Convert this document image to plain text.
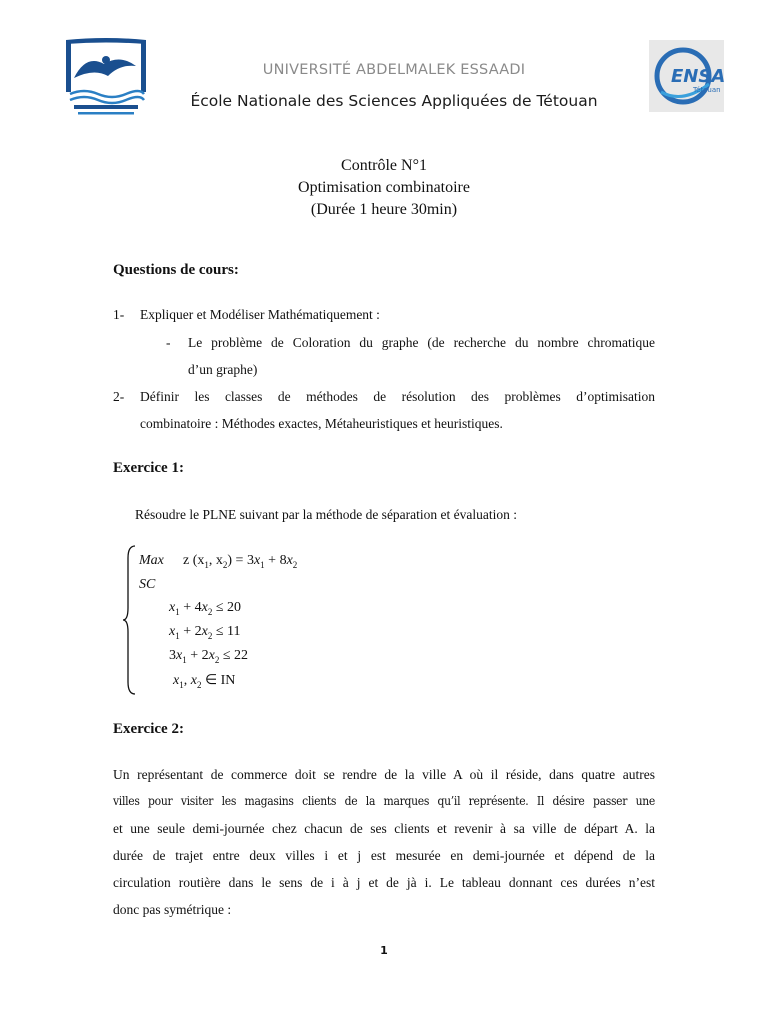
UNIVERSITÉ ABDELMALEK ESSAADI
École Nationale des Sciences Appliquées de Tétouan
ENSA
Tétouan
Contrôle N°1
Optimisation combinatoire
(Durée 1 heure 30min)
Questions de cours:
1- Expliquer et Modéliser Mathématiquement :
- Le problème de Coloration du graphe (de recherche du nombre chromatique
d’un graphe)
2- Définir les classes de méthodes de résolution des problèmes d’optimisation
combinatoire : Méthodes exactes, Métaheuristiques et heuristiques.
Exercice 1:
Résoudre le PLNE suivant par la méthode de séparation et évaluation :
Max z ($x_1$, $x_2) = 3x_1 + 8x_2$
SC
$x_1 + 4x_2 \le 20$
$x_1 + 2x_2 \le 11$
$3x_1 + 2x_2 \le 22$
$x_1$, $x_2$ ∈ IN
Exercice 2:
Un représentant de commerce doit se rendre de la ville A où il réside, dans quatre autres
villes pour visiter les magasins clients de la marques qu’il représente. Il désire passer une
et une seule demi-journée chez chacun de ses clients et revenir à sa ville de départ A. la
durée de trajet entre deux villes i et j est mesurée en demi-journée et dépend de la
circulation routière dans le sens de i à j et de jà i. Le tableau donnant ces durées n’est
donc pas symétrique :
1
